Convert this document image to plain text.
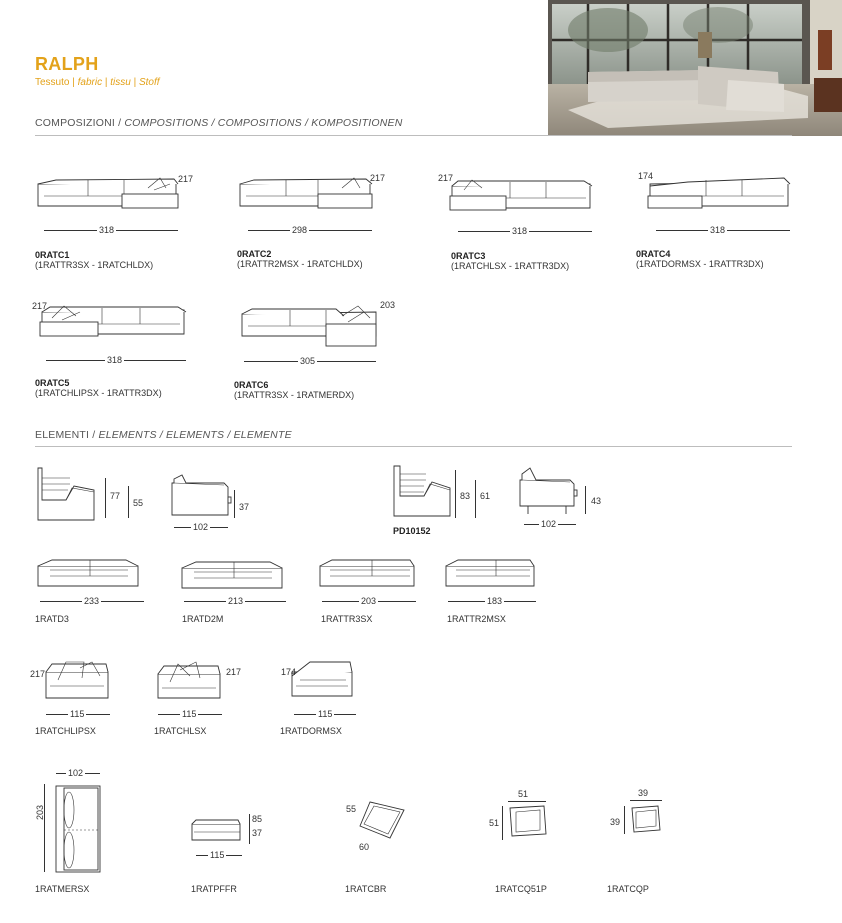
RALPH
Tessuto | fabric | tissu | Stoff
COMPOSIZIONI / COMPOSITIONS / COMPOSITIONS / KOMPOSITIONEN
318
217
298
217
318
217
318
174
318
217
305
203
0RATC1
(1RATTR3SX - 1RATCHLDX)
0RATC2
(1RATTR2MSX - 1RATCHLDX)
0RATC3
(1RATCHLSX - 1RATTR3DX)
0RATC4
(1RATDORMSX - 1RATTR3DX)
0RATC5
(1RATCHLIPSX - 1RATTR3DX)
0RATC6
(1RATTR3SX - 1RATMERDX)
ELEMENTI / ELEMENTS / ELEMENTS / ELEMENTE
77
55
102
37
83 61
PD10152
102
43
233	213	203	183
1RATD3	1RATD2M	1RATTR3SX	1RATTR2MSX
217	217	174
115	115	115
1RATCHLIPSX	1RATCHLSX	1RATDORMSX
102
203
115
85
37
55
60
51
51
39
39
1RATMERSX	1RATPFFR	1RATCBR	1RATCQ51P	1RATCQP
